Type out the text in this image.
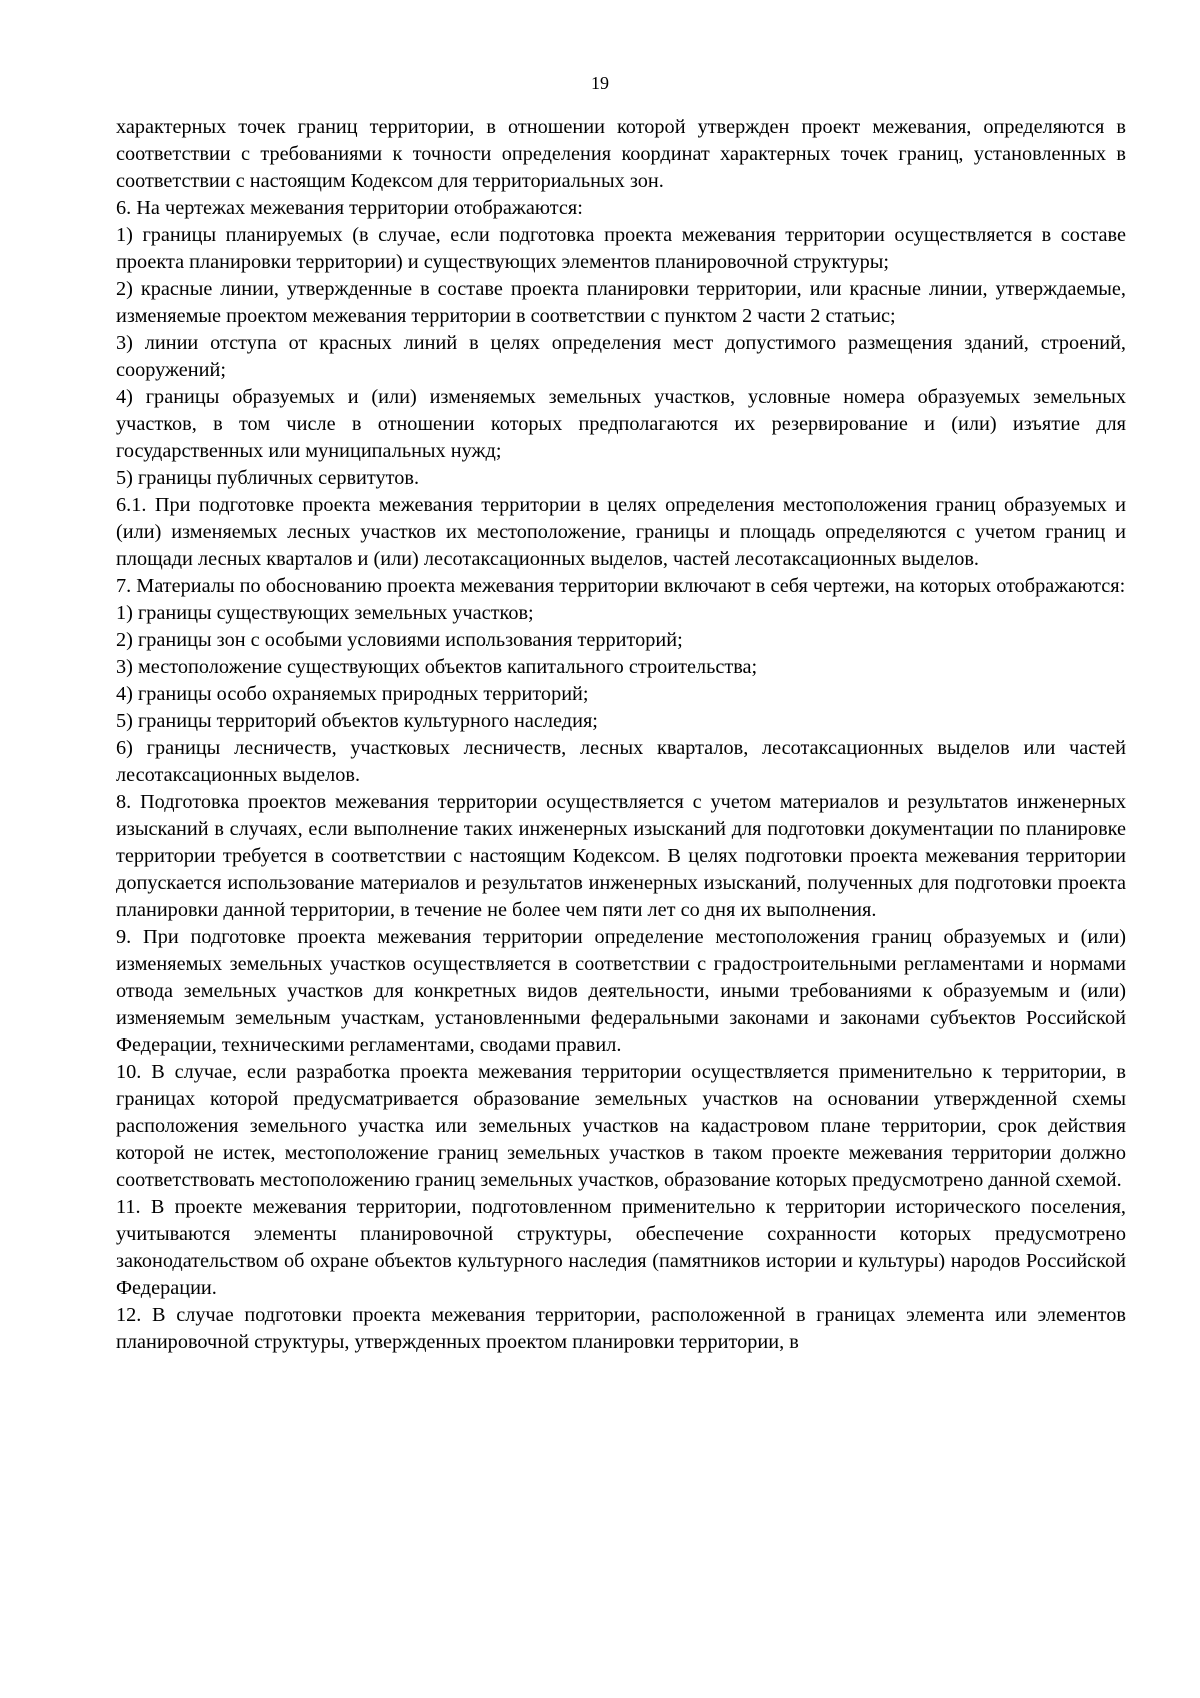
19

характерных точек границ территории, в отношении которой утвержден проект межевания, определяются в соответствии с требованиями к точности определения координат характерных точек границ, установленных в соответствии с настоящим Кодексом для территориальных зон.

6. На чертежах межевания территории отображаются:

1) границы планируемых (в случае, если подготовка проекта межевания территории осуществляется в составе проекта планировки территории) и существующих элементов планировочной структуры;

2) красные линии, утвержденные в составе проекта планировки территории, или красные линии, утверждаемые, изменяемые проектом межевания территории в соответствии с пунктом 2 части 2 статьис;

3) линии отступа от красных линий в целях определения мест допустимого размещения зданий, строений, сооружений;

4) границы образуемых и (или) изменяемых земельных участков, условные номера образуемых земельных участков, в том числе в отношении которых предполагаются их резервирование и (или) изъятие для государственных или муниципальных нужд;

5) границы публичных сервитутов.

6.1. При подготовке проекта межевания территории в целях определения местоположения границ образуемых и (или) изменяемых лесных участков их местоположение, границы и площадь определяются с учетом границ и площади лесных кварталов и (или) лесотаксационных выделов, частей лесотаксационных выделов.

7. Материалы по обоснованию проекта межевания территории включают в себя чертежи, на которых отображаются:

1) границы существующих земельных участков;

2) границы зон с особыми условиями использования территорий;

3) местоположение существующих объектов капитального строительства;

4) границы особо охраняемых природных территорий;

5) границы территорий объектов культурного наследия;

6) границы лесничеств, участковых лесничеств, лесных кварталов, лесотаксационных выделов или частей лесотаксационных выделов.

8. Подготовка проектов межевания территории осуществляется с учетом материалов и результатов инженерных изысканий в случаях, если выполнение таких инженерных изысканий для подготовки документации по планировке территории требуется в соответствии с настоящим Кодексом. В целях подготовки проекта межевания территории допускается использование материалов и результатов инженерных изысканий, полученных для подготовки проекта планировки данной территории, в течение не более чем пяти лет со дня их выполнения.

9. При подготовке проекта межевания территории определение местоположения границ образуемых и (или) изменяемых земельных участков осуществляется в соответствии с градостроительными регламентами и нормами отвода земельных участков для конкретных видов деятельности, иными требованиями к образуемым и (или) изменяемым земельным участкам, установленными федеральными законами и законами субъектов Российской Федерации, техническими регламентами, сводами правил.

10. В случае, если разработка проекта межевания территории осуществляется применительно к территории, в границах которой предусматривается образование земельных участков на основании утвержденной схемы расположения земельного участка или земельных участков на кадастровом плане территории, срок действия которой не истек, местоположение границ земельных участков в таком проекте межевания территории должно соответствовать местоположению границ земельных участков, образование которых предусмотрено данной схемой.

11. В проекте межевания территории, подготовленном применительно к территории исторического поселения, учитываются элементы планировочной структуры, обеспечение сохранности которых предусмотрено законодательством об охране объектов культурного наследия (памятников истории и культуры) народов Российской Федерации.

12. В случае подготовки проекта межевания территории, расположенной в границах элемента или элементов планировочной структуры, утвержденных проектом планировки территории, в
